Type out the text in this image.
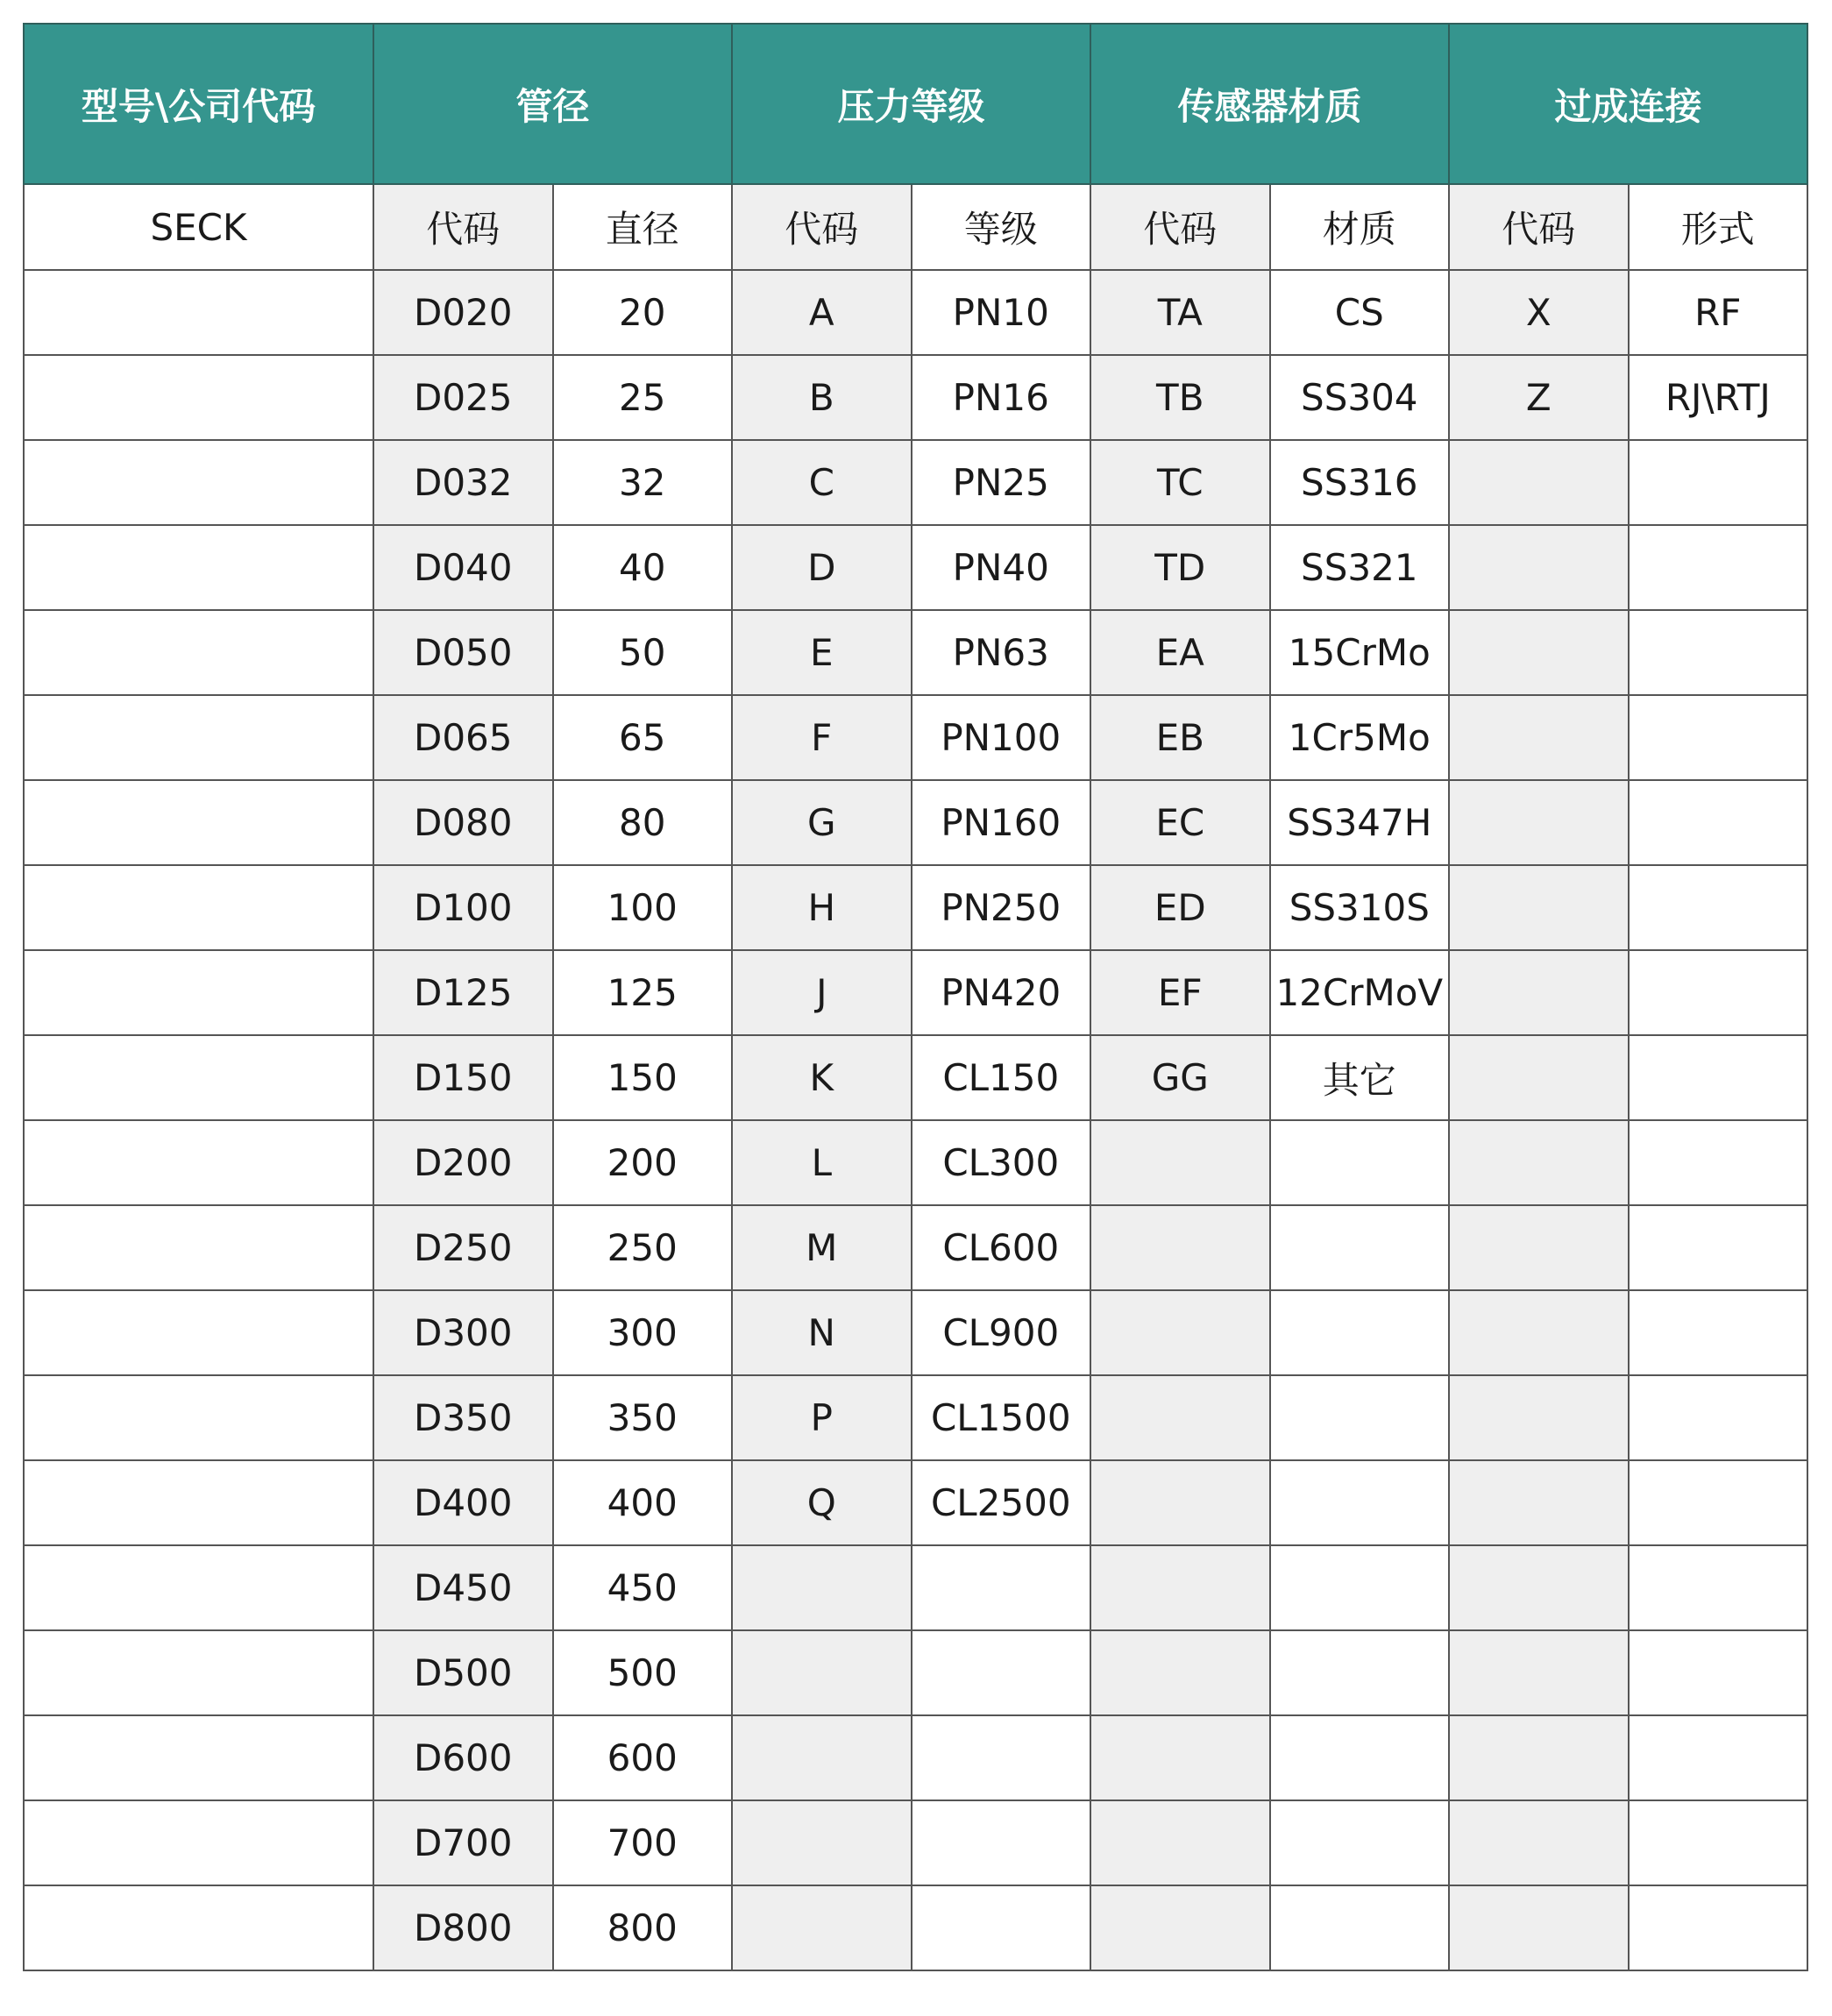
型号\公司代码	管径		压力等级		传感器材质		过成连接	
SECK	代码	直径	代码	等级	代码	材质	代码	形式
	D020	20	A	PN10	TA	CS	X	RF
	D025	25	B	PN16	TB	SS304	Z	RJ\RTJ
	D032	32	C	PN25	TC	SS316		
	D040	40	D	PN40	TD	SS321		
	D050	50	E	PN63	EA	15CrMo		
	D065	65	F	PN100	EB	1Cr5Mo		
	D080	80	G	PN160	EC	SS347H		
	D100	100	H	PN250	ED	SS310S		
	D125	125	J	PN420	EF	12CrMoV		
	D150	150	K	CL150	GG	其它		
	D200	200	L	CL300				
	D250	250	M	CL600				
	D300	300	N	CL900				
	D350	350	P	CL1500				
	D400	400	Q	CL2500				
	D450	450						
	D500	500						
	D600	600						
	D700	700						
	D800	800						
